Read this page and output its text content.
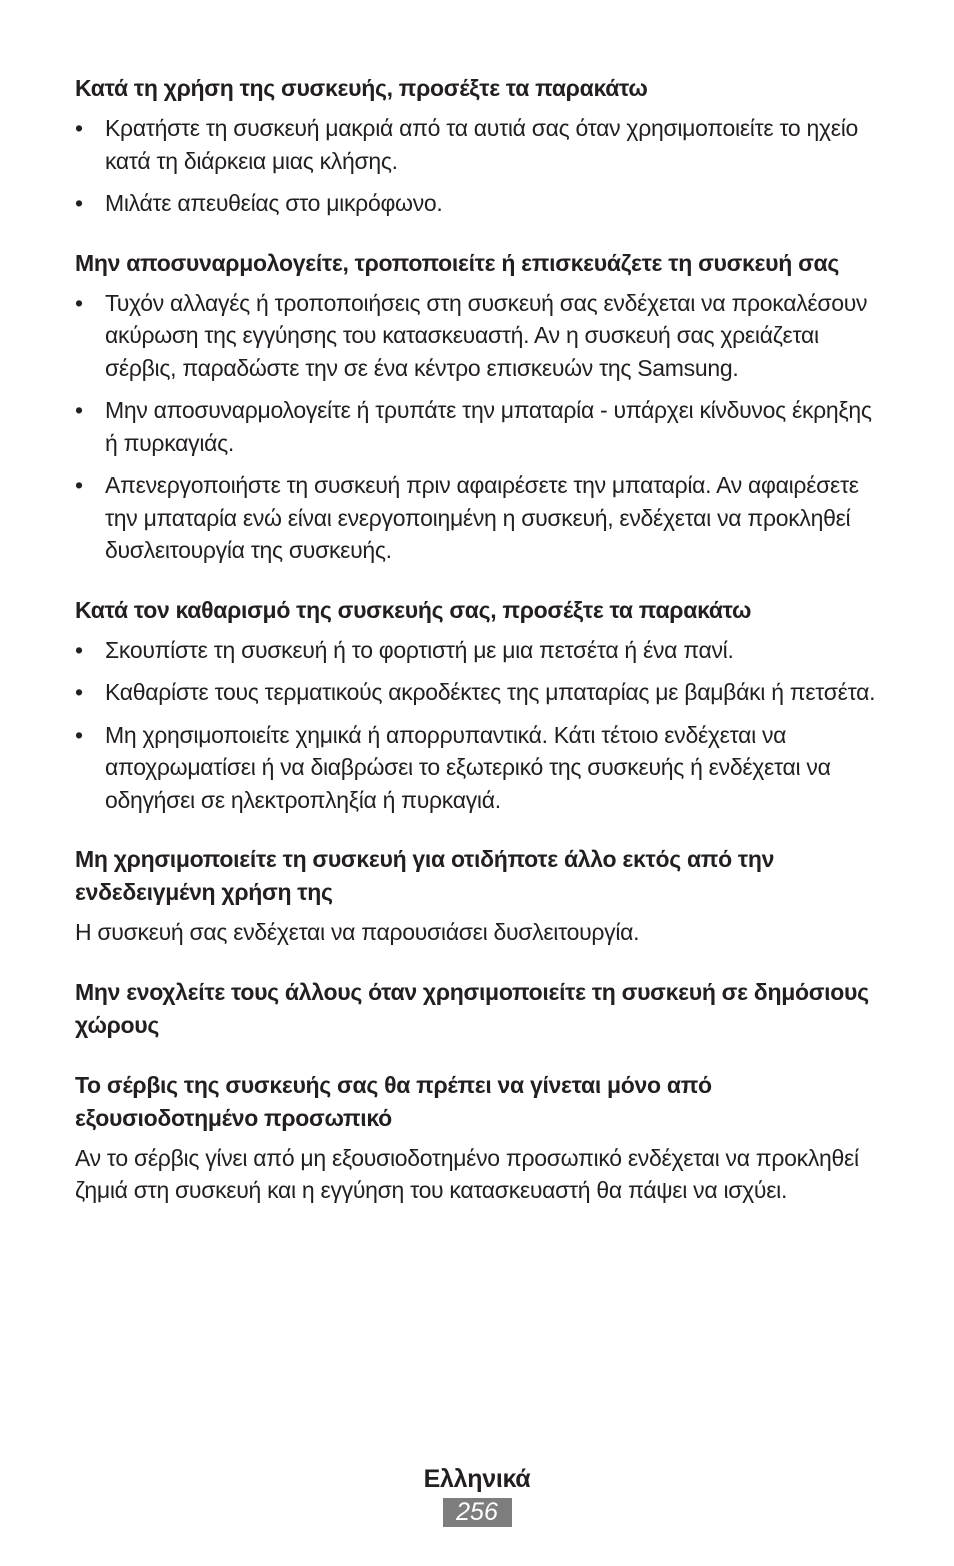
Κατά τη χρήση της συσκευής, προσέξτε τα παρακάτω

• Κρατήστε τη συσκευή μακριά από τα αυτιά σας όταν χρησιμοποιείτε το ηχείο κατά τη διάρκεια μιας κλήσης.
• Μιλάτε απευθείας στο μικρόφωνο.

Μην αποσυναρμολογείτε, τροποποιείτε ή επισκευάζετε τη συσκευή σας

• Τυχόν αλλαγές ή τροποποιήσεις στη συσκευή σας ενδέχεται να προκαλέσουν ακύρωση της εγγύησης του κατασκευαστή. Αν η συσκευή σας χρειάζεται σέρβις, παραδώστε την σε ένα κέντρο επισκευών της Samsung.
• Μην αποσυναρμολογείτε ή τρυπάτε την μπαταρία - υπάρχει κίνδυνος έκρηξης ή πυρκαγιάς.
• Απενεργοποιήστε τη συσκευή πριν αφαιρέσετε την μπαταρία. Αν αφαιρέσετε την μπαταρία ενώ είναι ενεργοποιημένη η συσκευή, ενδέχεται να προκληθεί δυσλειτουργία της συσκευής.

Κατά τον καθαρισμό της συσκευής σας, προσέξτε τα παρακάτω

• Σκουπίστε τη συσκευή ή το φορτιστή με μια πετσέτα ή ένα πανί.
• Καθαρίστε τους τερματικούς ακροδέκτες της μπαταρίας με βαμβάκι ή πετσέτα.
• Μη χρησιμοποιείτε χημικά ή απορρυπαντικά. Κάτι τέτοιο ενδέχεται να αποχρωματίσει ή να διαβρώσει το εξωτερικό της συσκευής ή ενδέχεται να οδηγήσει σε ηλεκτροπληξία ή πυρκαγιά.

Μη χρησιμοποιείτε τη συσκευή για οτιδήποτε άλλο εκτός από την ενδεδειγμένη χρήση της

Η συσκευή σας ενδέχεται να παρουσιάσει δυσλειτουργία.

Μην ενοχλείτε τους άλλους όταν χρησιμοποιείτε τη συσκευή σε δημόσιους χώρους

Το σέρβις της συσκευής σας θα πρέπει να γίνεται μόνο από εξουσιοδοτημένο προσωπικό

Αν το σέρβις γίνει από μη εξουσιοδοτημένο προσωπικό ενδέχεται να προκληθεί ζημιά στη συσκευή και η εγγύηση του κατασκευαστή θα πάψει να ισχύει.

Ελληνικά
256
